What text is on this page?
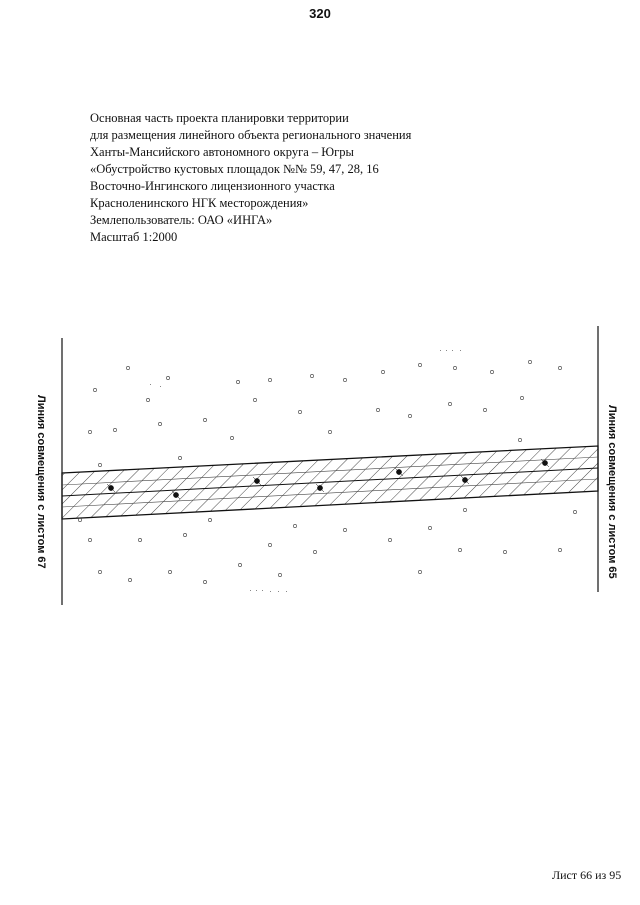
320
Основная часть проекта планировки территории
для размещения линейного объекта регионального значения
Ханты-Мансийского автономного округа – Югры
«Обустройство кустовых площадок №№ 59, 47, 28, 16
Восточно-Ингинского лицензионного участка
Красноленинского НГК месторождения»
Землепользователь: ОАО «ИНГА»
Масштаб 1:2000
Линия совмещения с листом 67	Линия совмещения с листом 65
Лист 66 из 95
